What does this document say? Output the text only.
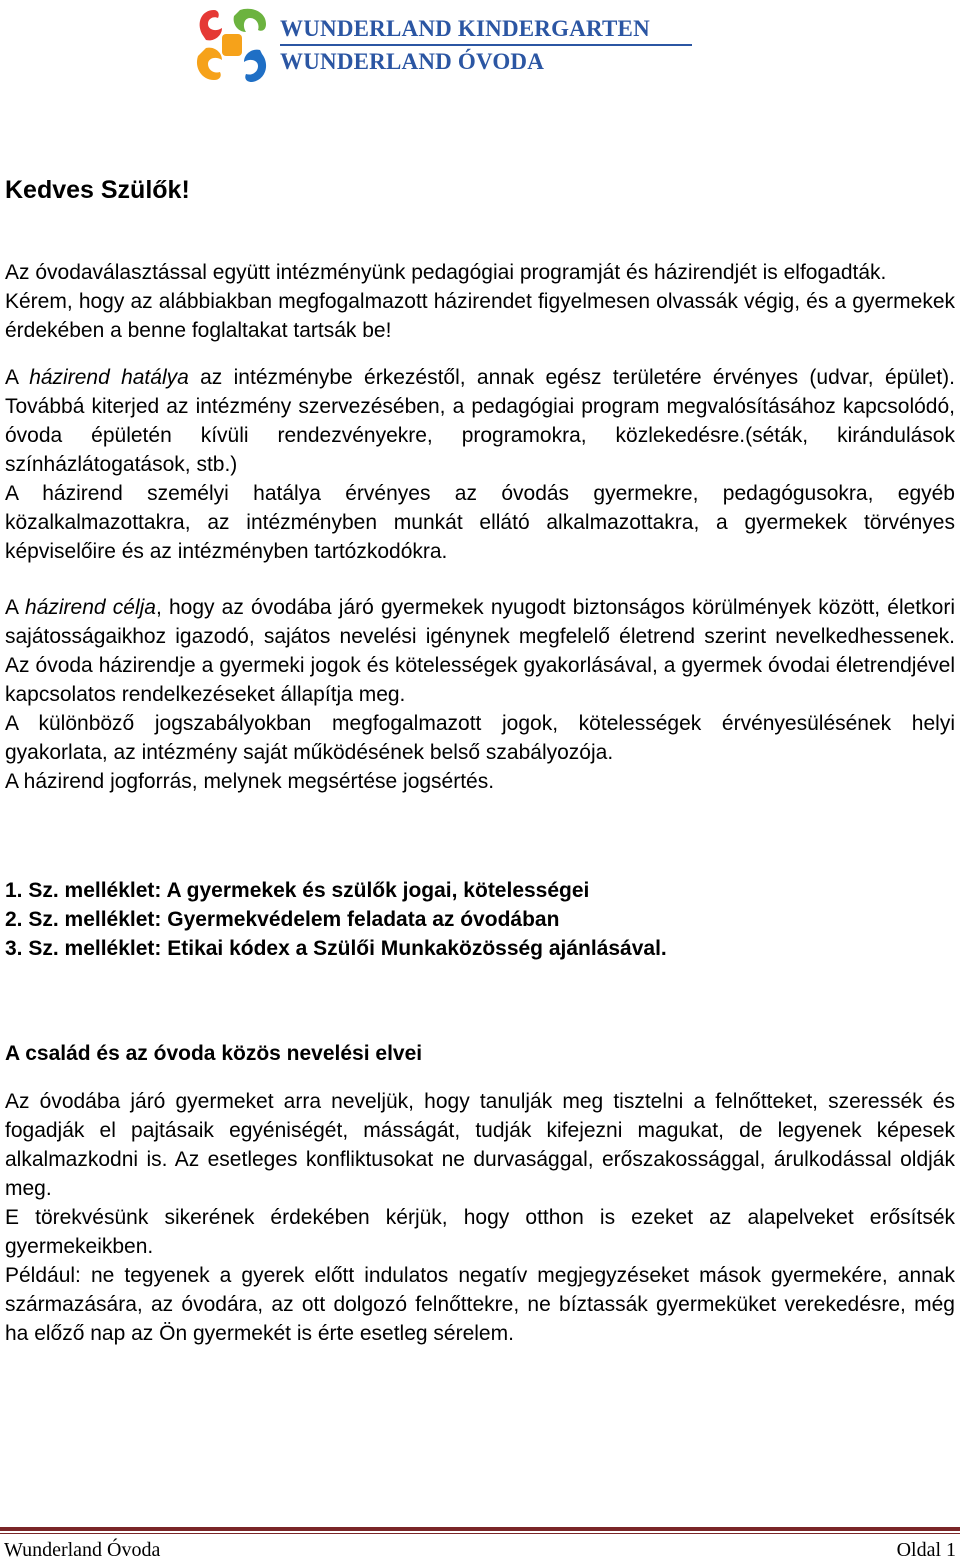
WUNDERLAND KINDERGARTEN
WUNDERLAND ÓVODA
Kedves Szülők!

Az óvodaválasztással együtt intézményünk pedagógiai programját és házirendjét is elfogadták.

Kérem, hogy az alábbiakban megfogalmazott házirendet figyelmesen olvassák végig, és a gyermekek érdekében a benne foglaltakat tartsák be!

A házirend hatálya az intézménybe érkezéstől, annak egész területére érvényes (udvar, épület). Továbbá kiterjed az intézmény szervezésében, a pedagógiai program megvalósításához kapcsolódó, óvoda épületén kívüli rendezvényekre, programokra, közlekedésre.(séták, kirándulások színházlátogatások, stb.)

A házirend személyi hatálya érvényes az óvodás gyermekre, pedagógusokra, egyéb közalkalmazottakra, az intézményben munkát ellátó alkalmazottakra, a gyermekek törvényes képviselőire és az intézményben tartózkodókra.

A házirend célja, hogy az óvodába járó gyermekek nyugodt biztonságos körülmények között, életkori sajátosságaikhoz igazodó, sajátos nevelési igénynek megfelelő életrend szerint nevelkedhessenek. Az óvoda házirendje a gyermeki jogok és kötelességek gyakorlásával, a gyermek óvodai életrendjével kapcsolatos rendelkezéseket állapítja meg.

A különböző jogszabályokban megfogalmazott jogok, kötelességek érvényesülésének helyi gyakorlata, az intézmény saját működésének belső szabályozója.

A házirend jogforrás, melynek megsértése jogsértés.

1. Sz. melléklet: A gyermekek és szülők jogai, kötelességei
2. Sz. melléklet: Gyermekvédelem feladata az óvodában
3. Sz. melléklet: Etikai kódex a Szülői Munkaközösség ajánlásával.
A család és az óvoda közös nevelési elvei

Az óvodába járó gyermeket arra neveljük, hogy tanulják meg tisztelni a felnőtteket, szeressék és fogadják el pajtásaik egyéniségét, másságát, tudják kifejezni magukat, de legyenek képesek alkalmazkodni is. Az esetleges konfliktusokat ne durvasággal, erőszakossággal, árulkodással oldják meg.

E törekvésünk sikerének érdekében kérjük, hogy otthon is ezeket az alapelveket erősítsék gyermekeikben.

Például: ne tegyenek a gyerek előtt indulatos negatív megjegyzéseket mások gyermekére, annak származására, az óvodára, az ott dolgozó felnőttekre, ne bíztassák gyermeküket verekedésre, még ha előző nap az Ön gyermekét is érte esetleg sérelem.

Wunderland Óvoda	Oldal 1
